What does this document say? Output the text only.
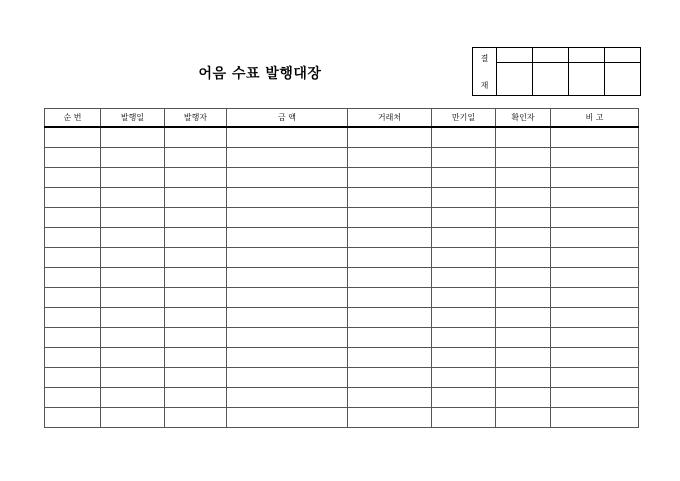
어음 수표 발행대장
결
재				

순 번	발행일	발행자	금 액	거래처	만기일	확인자	비 고
